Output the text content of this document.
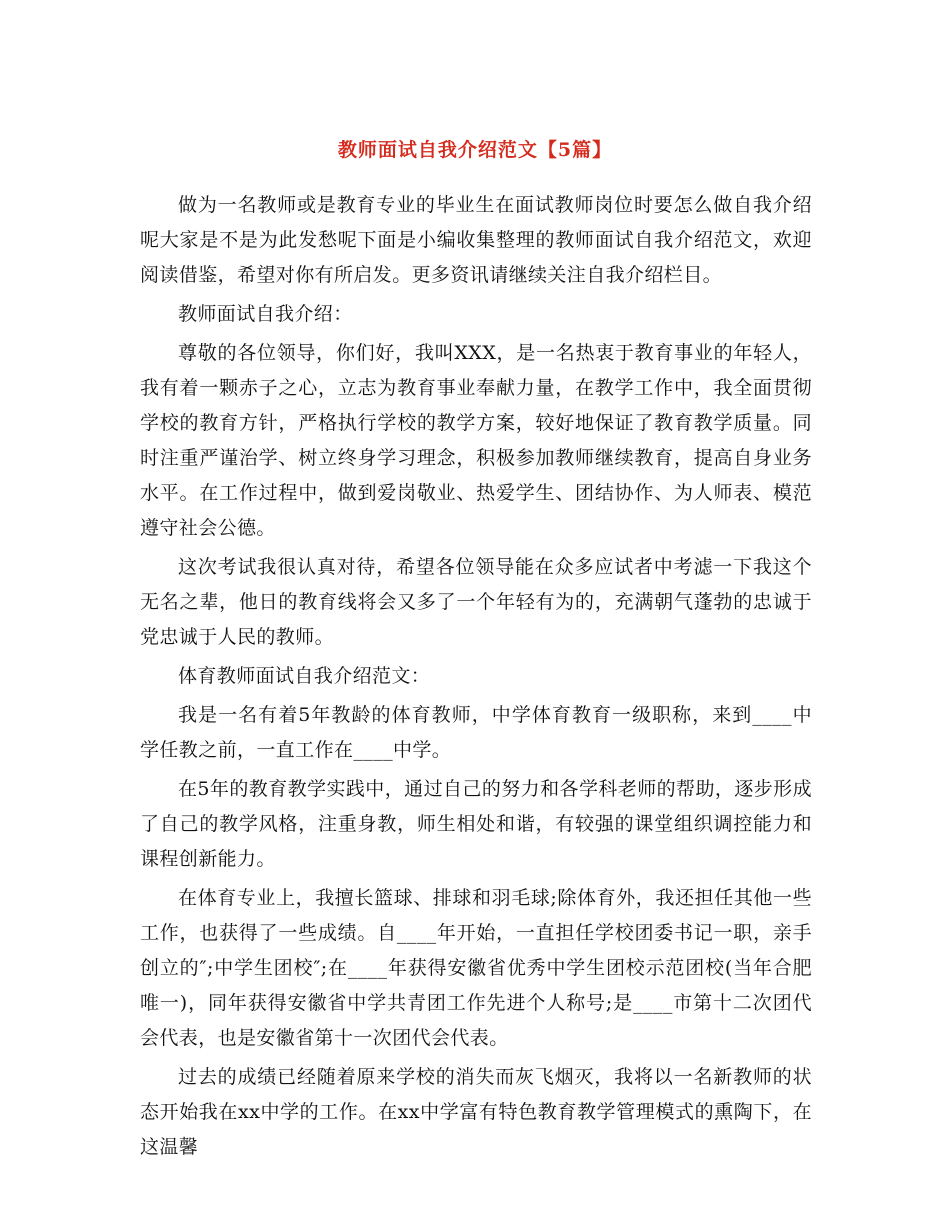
教师面试自我介绍范文【5篇】

做为一名教师或是教育专业的毕业生在面试教师岗位时要怎么做自我介绍呢大家是不是为此发愁呢下面是小编收集整理的教师面试自我介绍范文，欢迎阅读借鉴，希望对你有所启发。更多资讯请继续关注自我介绍栏目。

教师面试自我介绍：

尊敬的各位领导，你们好，我叫XXX，是一名热衷于教育事业的年轻人，我有着一颗赤子之心，立志为教育事业奉献力量，在教学工作中，我全面贯彻学校的教育方针，严格执行学校的教学方案，较好地保证了教育教学质量。同时注重严谨治学、树立终身学习理念，积极参加教师继续教育，提高自身业务水平。在工作过程中，做到爱岗敬业、热爱学生、团结协作、为人师表、模范遵守社会公德。

这次考试我很认真对待，希望各位领导能在众多应试者中考滤一下我这个无名之辈，他日的教育线将会又多了一个年轻有为的，充满朝气蓬勃的忠诚于党忠诚于人民的教师。

体育教师面试自我介绍范文：

我是一名有着5年教龄的体育教师，中学体育教育一级职称，来到____中学任教之前，一直工作在____中学。

在5年的教育教学实践中，通过自己的努力和各学科老师的帮助，逐步形成了自己的教学风格，注重身教，师生相处和谐，有较强的课堂组织调控能力和课程创新能力。

在体育专业上，我擅长篮球、排球和羽毛球;除体育外，我还担任其他一些工作，也获得了一些成绩。自____年开始，一直担任学校团委书记一职，亲手创立的″;中学生团校″;在____年获得安徽省优秀中学生团校示范团校(当年合肥唯一)，同年获得安徽省中学共青团工作先进个人称号;是____市第十二次团代会代表，也是安徽省第十一次团代会代表。

过去的成绩已经随着原来学校的消失而灰飞烟灭，我将以一名新教师的状态开始我在xx中学的工作。在xx中学富有特色教育教学管理模式的熏陶下，在这温馨
